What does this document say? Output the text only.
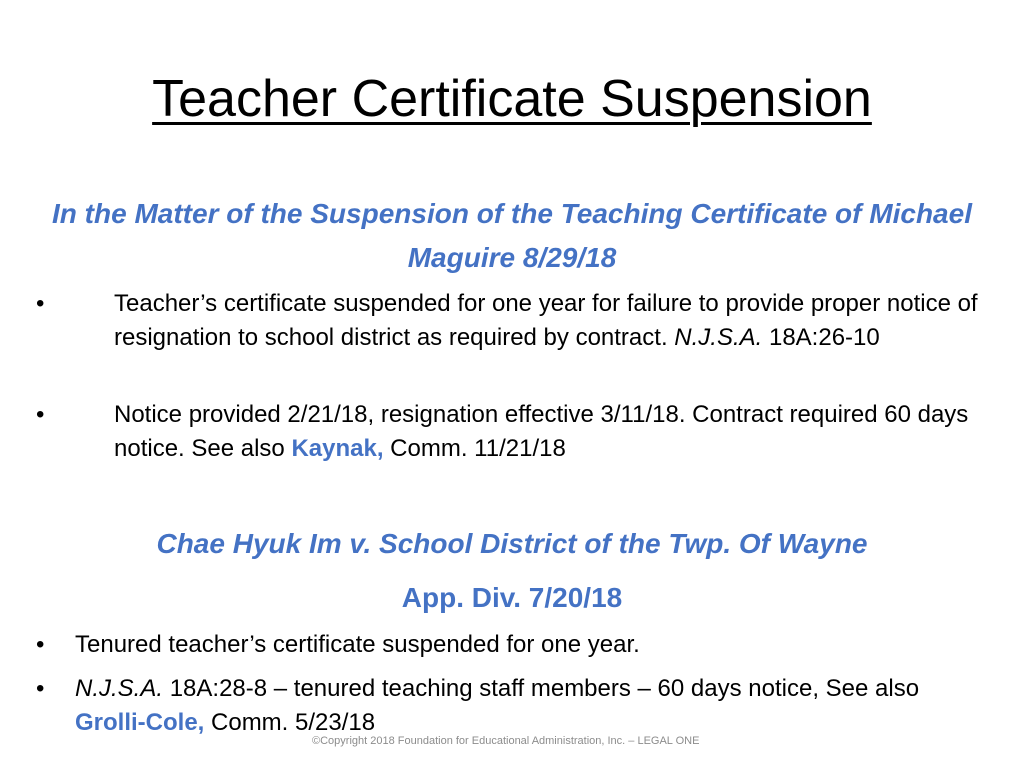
Teacher Certificate Suspension
In the Matter of the Suspension of the Teaching Certificate of Michael Maguire 8/29/18
•	Teacher’s certificate suspended for one year for failure to provide proper notice of resignation to school district as required by contract. N.J.S.A. 18A:26-10
•	Notice provided 2/21/18, resignation effective 3/11/18. Contract required 60 days notice. See also Kaynak, Comm. 11/21/18
Chae Hyuk Im v. School District of the Twp. Of Wayne
App. Div. 7/20/18
• Tenured teacher’s certificate suspended for one year.
• N.J.S.A. 18A:28-8 – tenured teaching staff members – 60 days notice, See also Grolli-Cole, Comm. 5/23/18
©Copyright 2018 Foundation for Educational Administration, Inc. – LEGAL ONE
